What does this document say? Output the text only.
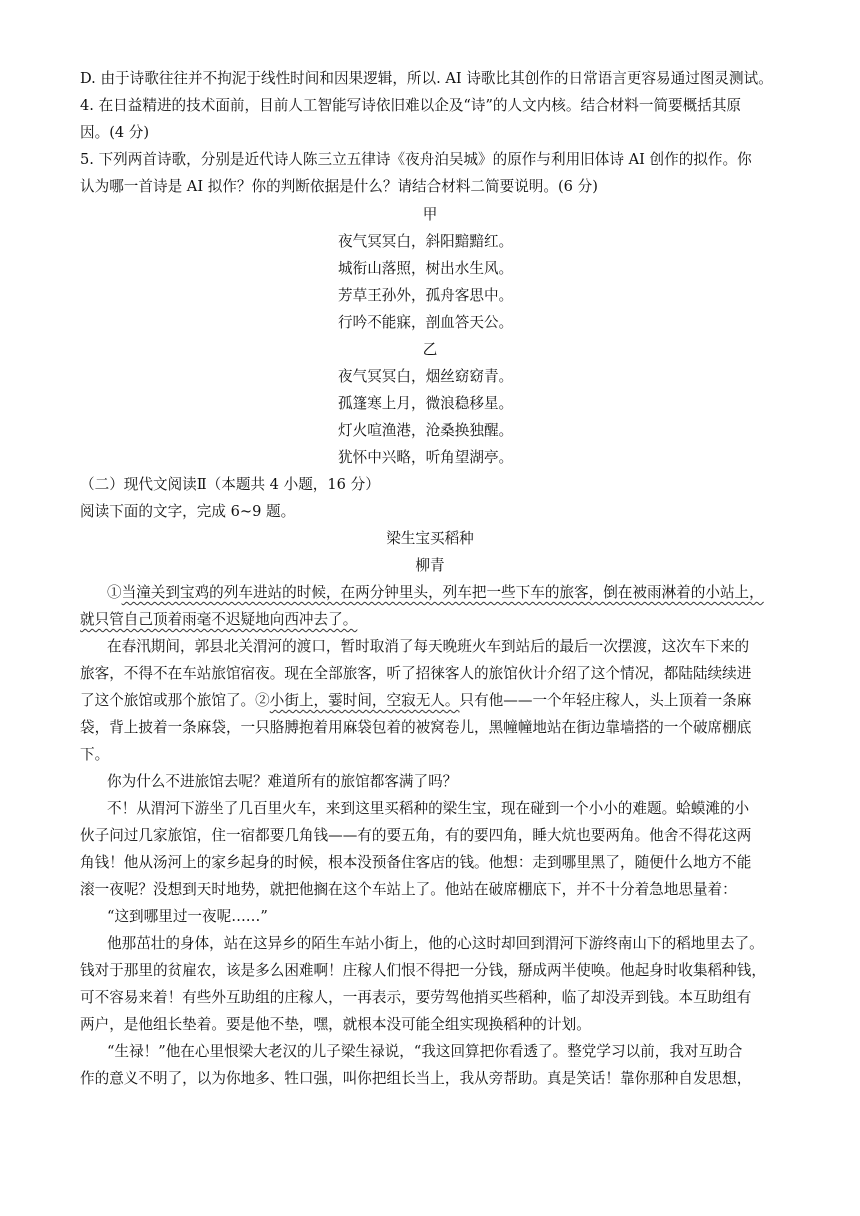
D. 由于诗歌往往并不拘泥于线性时间和因果逻辑，所以. AI 诗歌比其创作的日常语言更容易通过图灵测试。
4. 在日益精进的技术面前，目前人工智能写诗依旧难以企及“诗”的人文内核。结合材料一简要概括其原
因。(4 分)
5. 下列两首诗歌，分别是近代诗人陈三立五律诗《夜舟泊吴城》的原作与利用旧体诗 AI 创作的拟作。你
认为哪一首诗是 AI 拟作？你的判断依据是什么？请结合材料二简要说明。(6 分)
甲
夜气冥冥白，斜阳黯黯红。
城衔山落照，树出水生风。
芳草王孙外，孤舟客思中。
行吟不能寐，剖血答天公。
乙
夜气冥冥白，烟丝窈窈青。
孤篷寒上月，微浪稳移星。
灯火喧渔港，沧桑换独醒。
犹怀中兴略，听角望湖亭。
（二）现代文阅读Ⅱ（本题共 4 小题，16 分）
阅读下面的文字，完成 6~9 题。
梁生宝买稻种
柳青
①当潼关到宝鸡的列车进站的时候，在两分钟里头，列车把一些下车的旅客，倒在被雨淋着的小站上，
就只管自己顶着雨毫不迟疑地向西冲去了。
在春汛期间，郭县北关渭河的渡口，暂时取消了每天晚班火车到站后的最后一次摆渡，这次车下来的
旅客，不得不在车站旅馆宿夜。现在全部旅客，听了招徕客人的旅馆伙计介绍了这个情况，都陆陆续续进
了这个旅馆或那个旅馆了。②小街上，霎时间，空寂无人。只有他——一个年轻庄稼人，头上顶着一条麻
袋，背上披着一条麻袋，一只胳膊抱着用麻袋包着的被窝卷儿，黑幢幢地站在街边靠墙搭的一个破席棚底
下。
你为什么不进旅馆去呢？难道所有的旅馆都客满了吗？
不！从渭河下游坐了几百里火车，来到这里买稻种的梁生宝，现在碰到一个小小的难题。蛤蟆滩的小
伙子问过几家旅馆，住一宿都要几角钱——有的要五角，有的要四角，睡大炕也要两角。他舍不得花这两
角钱！他从汤河上的家乡起身的时候，根本没预备住客店的钱。他想：走到哪里黑了，随便什么地方不能
滚一夜呢？没想到天时地势，就把他搁在这个车站上了。他站在破席棚底下，并不十分着急地思量着：
“这到哪里过一夜呢……”
他那茁壮的身体，站在这异乡的陌生车站小街上，他的心这时却回到渭河下游终南山下的稻地里去了。
钱对于那里的贫雇农，该是多么困难啊！庄稼人们恨不得把一分钱，掰成两半使唤。他起身时收集稻种钱，
可不容易来着！有些外互助组的庄稼人，一再表示，要劳驾他捎买些稻种，临了却没弄到钱。本互助组有
两户，是他组长垫着。要是他不垫，嘿，就根本没可能全组实现换稻种的计划。
“生禄！”他在心里恨梁大老汉的儿子梁生禄说，“我这回算把你看透了。整党学习以前，我对互助合
作的意义不明了，以为你地多、牲口强，叫你把组长当上，我从旁帮助。真是笑话！靠你那种自发思想，
